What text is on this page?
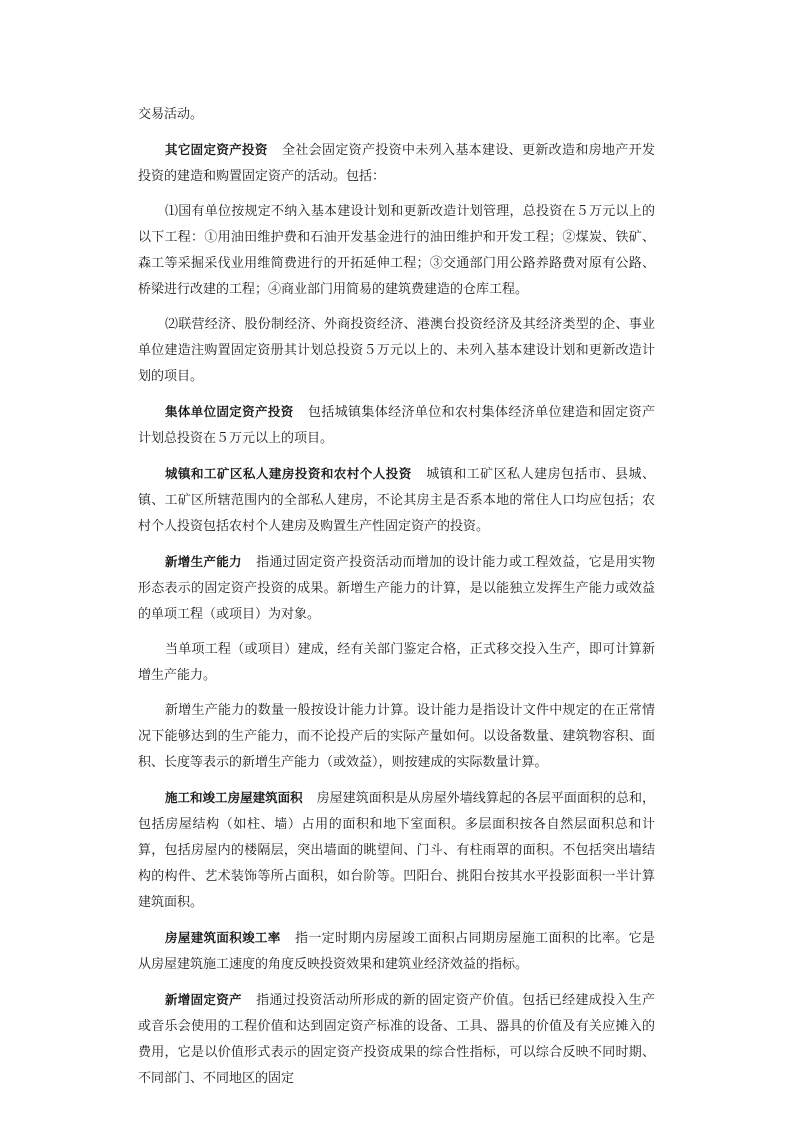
交易活动。

其它固定资产投资 全社会固定资产投资中未列入基本建设、更新改造和房地产开发投资的建造和购置固定资产的活动。包括：

⑴国有单位按规定不纳入基本建设计划和更新改造计划管理，总投资在５万元以上的以下工程：①用油田维护费和石油开发基金进行的油田维护和开发工程；②煤炭、铁矿、森工等采掘采伐业用维简费进行的开拓延伸工程；③交通部门用公路养路费对原有公路、桥梁进行改建的工程；④商业部门用简易的建筑费建造的仓库工程。

⑵联营经济、股份制经济、外商投资经济、港澳台投资经济及其经济类型的企、事业单位建造注购置固定资册其计划总投资５万元以上的、未列入基本建设计划和更新改造计划的项目。

集体单位固定资产投资 包括城镇集体经济单位和农村集体经济单位建造和固定资产计划总投资在５万元以上的项目。

城镇和工矿区私人建房投资和农村个人投资 城镇和工矿区私人建房包括市、县城、镇、工矿区所辖范围内的全部私人建房，不论其房主是否系本地的常住人口均应包括；农村个人投资包括农村个人建房及购置生产性固定资产的投资。

新增生产能力 指通过固定资产投资活动而增加的设计能力或工程效益，它是用实物形态表示的固定资产投资的成果。新增生产能力的计算，是以能独立发挥生产能力或效益的单项工程（或项目）为对象。

当单项工程（或项目）建成，经有关部门鉴定合格，正式移交投入生产，即可计算新增生产能力。

新增生产能力的数量一般按设计能力计算。设计能力是指设计文件中规定的在正常情况下能够达到的生产能力，而不论投产后的实际产量如何。以设备数量、建筑物容积、面积、长度等表示的新增生产能力（或效益），则按建成的实际数量计算。

施工和竣工房屋建筑面积 房屋建筑面积是从房屋外墙线算起的各层平面面积的总和，包括房屋结构（如柱、墙）占用的面积和地下室面积。多层面积按各自然层面积总和计算，包括房屋内的楼隔层，突出墙面的眺望间、门斗、有柱雨罩的面积。不包括突出墙结构的构件、艺术装饰等所占面积，如台阶等。凹阳台、挑阳台按其水平投影面积一半计算建筑面积。

房屋建筑面积竣工率 指一定时期内房屋竣工面积占同期房屋施工面积的比率。它是从房屋建筑施工速度的角度反映投资效果和建筑业经济效益的指标。

新增固定资产 指通过投资活动所形成的新的固定资产价值。包括已经建成投入生产或音乐会使用的工程价值和达到固定资产标准的设备、工具、器具的价值及有关应摊入的费用，它是以价值形式表示的固定资产投资成果的综合性指标，可以综合反映不同时期、不同部门、不同地区的固定
